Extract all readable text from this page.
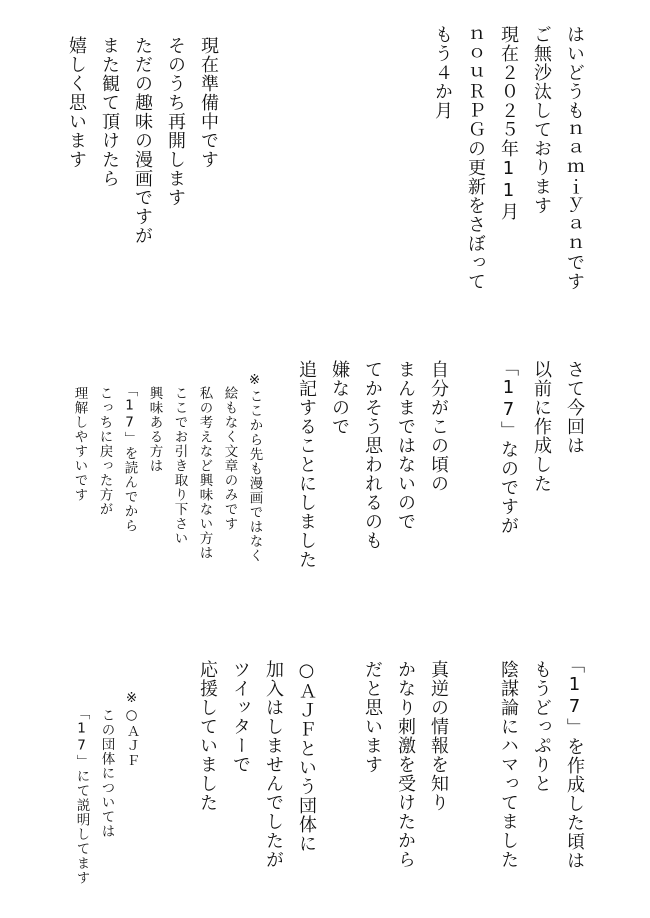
はいどうもｎａｍｉｙａｎです
ご無沙汰しております
現在２０２５年11月
ｎｏｕＲＰＧの更新をさぼって
もう４か月
現在準備中です
そのうち再開します
ただの趣味の漫画ですが
また観て頂けたら
嬉しく思います
さて今回は
以前に作成した
「17」なのですが
自分がこの頃の
まんまではないので
てかそう思われるのも
嫌なので
追記することにしました
※ここから先も漫画ではなく
絵もなく文章のみです
私の考えなど興味ない方は
ここでお引き取り下さい
興味ある方は
「17」を読んでから
こっちに戻った方が
理解しやすいです
「17」を作成した頃は
もうどっぷりと
陰謀論にハマってました
真逆の情報を知り
かなり刺激を受けたから
だと思います
○ＡＪＦという団体に
加入はしませんでしたが
ツイッターで
応援していました
※○ＡＪＦ
この団体については
「17」にて説明してます
